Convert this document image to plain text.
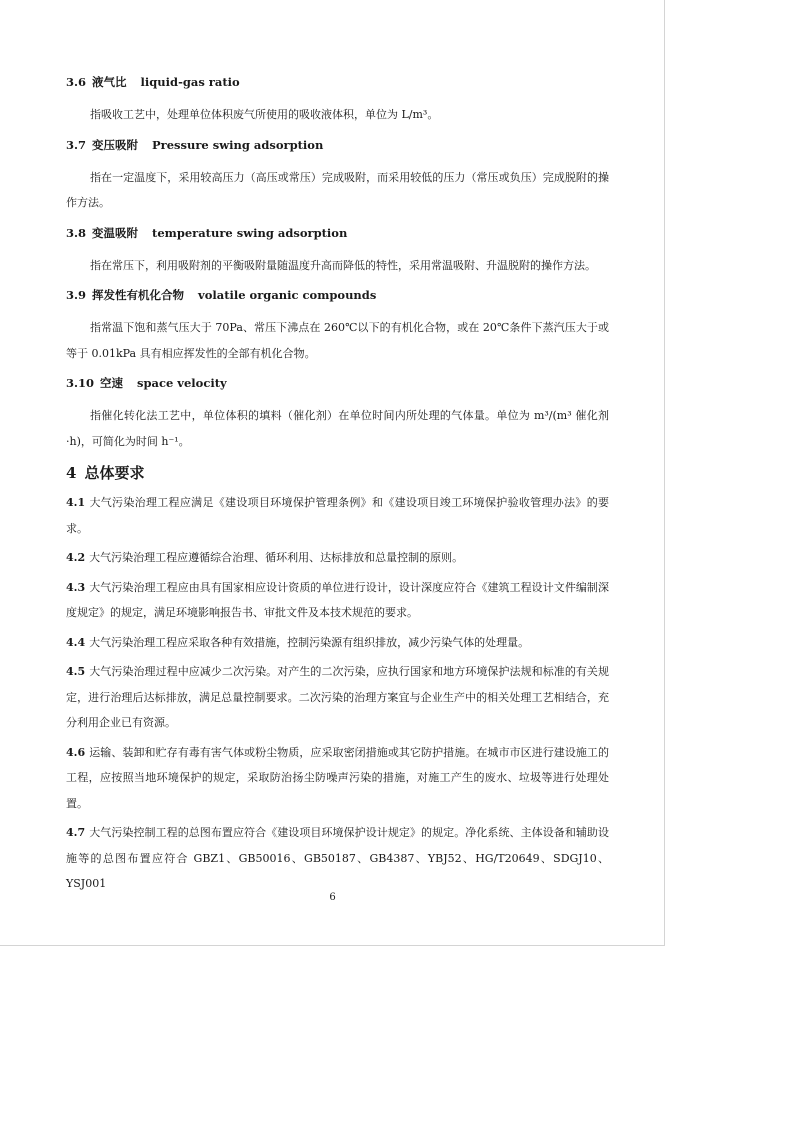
3.6 液气比 liquid-gas ratio

指吸收工艺中，处理单位体积废气所使用的吸收液体积，单位为 L/m³。

3.7 变压吸附 Pressure swing adsorption

指在一定温度下，采用较高压力（高压或常压）完成吸附，而采用较低的压力（常压或负压）完成脱附的操作方法。

3.8 变温吸附 temperature swing adsorption

指在常压下，利用吸附剂的平衡吸附量随温度升高而降低的特性，采用常温吸附、升温脱附的操作方法。

3.9 挥发性有机化合物 volatile organic compounds

指常温下饱和蒸气压大于 70Pa、常压下沸点在 260℃以下的有机化合物，或在 20℃条件下蒸汽压大于或等于 0.01kPa 具有相应挥发性的全部有机化合物。

3.10 空速 space velocity

指催化转化法工艺中，单位体积的填料（催化剂）在单位时间内所处理的气体量。单位为 m³/(m³ 催化剂·h)，可简化为时间 h⁻¹。

4 总体要求

4.1 大气污染治理工程应满足《建设项目环境保护管理条例》和《建设项目竣工环境保护验收管理办法》的要求。

4.2 大气污染治理工程应遵循综合治理、循环利用、达标排放和总量控制的原则。

4.3 大气污染治理工程应由具有国家相应设计资质的单位进行设计，设计深度应符合《建筑工程设计文件编制深度规定》的规定，满足环境影响报告书、审批文件及本技术规范的要求。

4.4 大气污染治理工程应采取各种有效措施，控制污染源有组织排放，减少污染气体的处理量。

4.5 大气污染治理过程中应减少二次污染。对产生的二次污染，应执行国家和地方环境保护法规和标准的有关规定，进行治理后达标排放，满足总量控制要求。二次污染的治理方案宜与企业生产中的相关处理工艺相结合，充分利用企业已有资源。

4.6 运输、装卸和贮存有毒有害气体或粉尘物质，应采取密闭措施或其它防护措施。在城市市区进行建设施工的工程，应按照当地环境保护的规定，采取防治扬尘防噪声污染的措施，对施工产生的废水、垃圾等进行处理处置。

4.7 大气污染控制工程的总图布置应符合《建设项目环境保护设计规定》的规定。净化系统、主体设备和辅助设施等的总图布置应符合 GBZ1、GB50016、GB50187、GB4387、YBJ52、HG/T20649、SDGJ10、YSJ001

6
